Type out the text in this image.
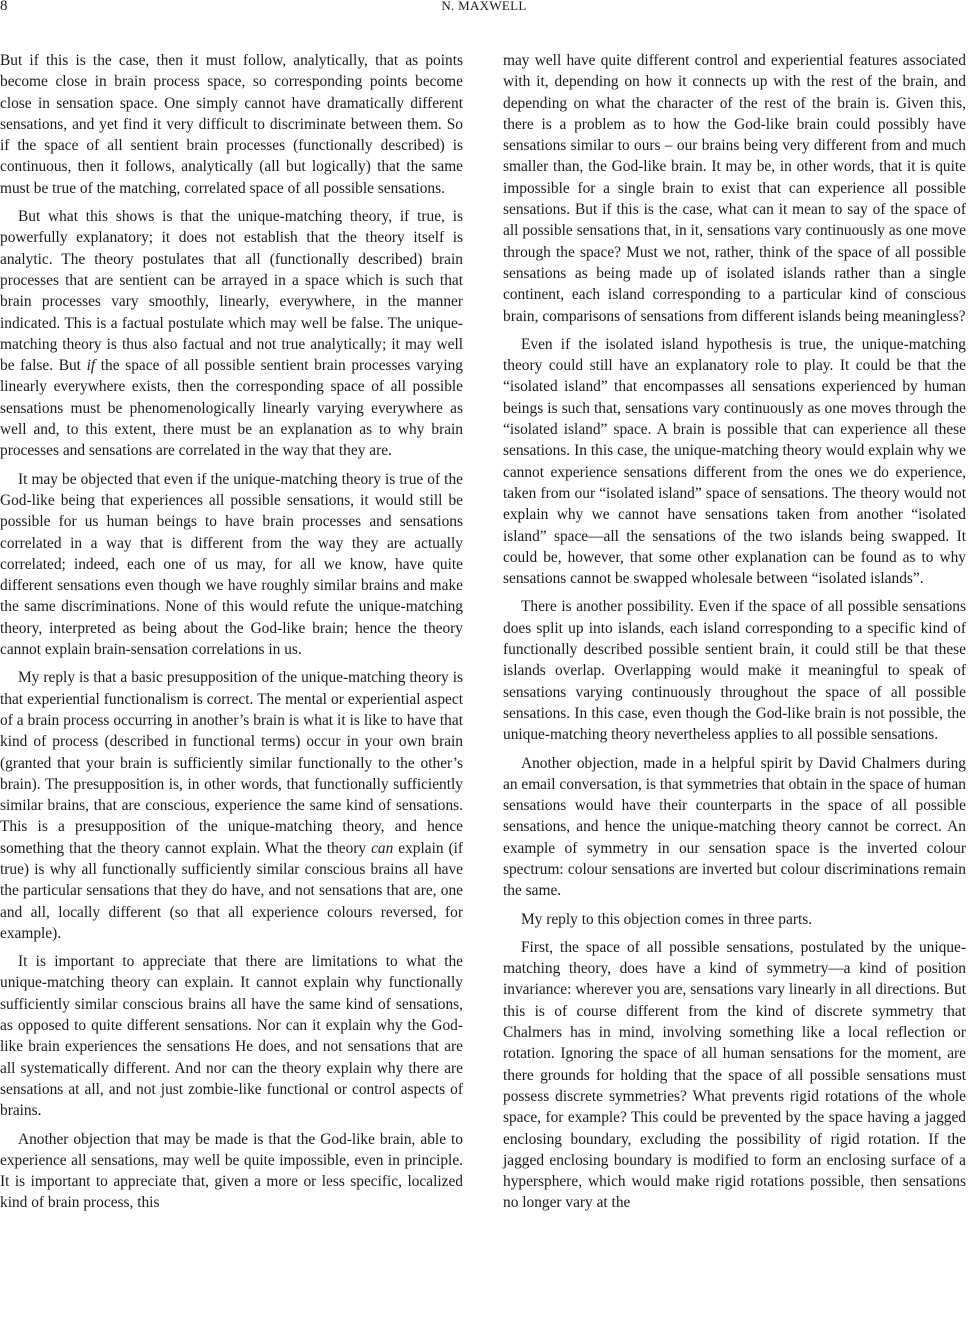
8	N. MAXWELL

But if this is the case, then it must follow, analytically, that as points become close in brain process space, so corresponding points become close in sensation space. One simply cannot have dramatically different sensations, and yet find it very difficult to discriminate between them. So if the space of all sentient brain processes (functionally described) is continuous, then it follows, analytically (all but logically) that the same must be true of the matching, correlated space of all possible sensations.

But what this shows is that the unique-matching theory, if true, is powerfully explanatory; it does not establish that the theory itself is analytic. The theory postulates that all (functionally described) brain processes that are sentient can be arrayed in a space which is such that brain processes vary smoothly, linearly, everywhere, in the manner indicated. This is a factual postulate which may well be false. The unique-matching theory is thus also factual and not true analytically; it may well be false. But if the space of all possible sentient brain processes varying linearly everywhere exists, then the corresponding space of all possible sensations must be phenomenologically linearly varying everywhere as well and, to this extent, there must be an explanation as to why brain processes and sensations are correlated in the way that they are.

It may be objected that even if the unique-matching theory is true of the God-like being that experiences all possible sensations, it would still be possible for us human beings to have brain processes and sensations correlated in a way that is different from the way they are actually correlated; indeed, each one of us may, for all we know, have quite different sensations even though we have roughly similar brains and make the same discriminations. None of this would refute the unique-matching theory, interpreted as being about the God-like brain; hence the theory cannot explain brain-sensation correlations in us.

My reply is that a basic presupposition of the unique-matching theory is that experiential functionalism is correct. The mental or experiential aspect of a brain process occurring in another’s brain is what it is like to have that kind of process (described in functional terms) occur in your own brain (granted that your brain is sufficiently similar functionally to the other’s brain). The presupposition is, in other words, that functionally sufficiently similar brains, that are conscious, experience the same kind of sensations. This is a presupposition of the unique-matching theory, and hence something that the theory cannot explain. What the theory can explain (if true) is why all functionally sufficiently similar conscious brains all have the particular sensations that they do have, and not sensations that are, one and all, locally different (so that all experience colours reversed, for example).

It is important to appreciate that there are limitations to what the unique-matching theory can explain. It cannot explain why functionally sufficiently similar conscious brains all have the same kind of sensations, as opposed to quite different sensations. Nor can it explain why the God-like brain experiences the sensations He does, and not sensations that are all systematically different. And nor can the theory explain why there are sensations at all, and not just zombie-like functional or control aspects of brains.

Another objection that may be made is that the God-like brain, able to experience all sensations, may well be quite impossible, even in principle. It is important to appreciate that, given a more or less specific, localized kind of brain process, this

may well have quite different control and experiential features associated with it, depending on how it connects up with the rest of the brain, and depending on what the character of the rest of the brain is. Given this, there is a problem as to how the God-like brain could possibly have sensations similar to ours – our brains being very different from and much smaller than, the God-like brain. It may be, in other words, that it is quite impossible for a single brain to exist that can experience all possible sensations. But if this is the case, what can it mean to say of the space of all possible sensations that, in it, sensations vary continuously as one move through the space? Must we not, rather, think of the space of all possible sensations as being made up of isolated islands rather than a single continent, each island corresponding to a particular kind of conscious brain, comparisons of sensations from different islands being meaningless?

Even if the isolated island hypothesis is true, the unique-matching theory could still have an explanatory role to play. It could be that the “isolated island” that encompasses all sensations experienced by human beings is such that, sensations vary continuously as one moves through the “isolated island” space. A brain is possible that can experience all these sensations. In this case, the unique-matching theory would explain why we cannot experience sensations different from the ones we do experience, taken from our “isolated island” space of sensations. The theory would not explain why we cannot have sensations taken from another “isolated island” space—all the sensations of the two islands being swapped. It could be, however, that some other explanation can be found as to why sensations cannot be swapped wholesale between “isolated islands”.

There is another possibility. Even if the space of all possible sensations does split up into islands, each island corresponding to a specific kind of functionally described possible sentient brain, it could still be that these islands overlap. Overlapping would make it meaningful to speak of sensations varying continuously throughout the space of all possible sensations. In this case, even though the God-like brain is not possible, the unique-matching theory nevertheless applies to all possible sensations.

Another objection, made in a helpful spirit by David Chalmers during an email conversation, is that symmetries that obtain in the space of human sensations would have their counterparts in the space of all possible sensations, and hence the unique-matching theory cannot be correct. An example of symmetry in our sensation space is the inverted colour spectrum: colour sensations are inverted but colour discriminations remain the same.

My reply to this objection comes in three parts.

First, the space of all possible sensations, postulated by the unique-matching theory, does have a kind of symmetry—a kind of position invariance: wherever you are, sensations vary linearly in all directions. But this is of course different from the kind of discrete symmetry that Chalmers has in mind, involving something like a local reflection or rotation. Ignoring the space of all human sensations for the moment, are there grounds for holding that the space of all possible sensations must possess discrete symmetries? What prevents rigid rotations of the whole space, for example? This could be prevented by the space having a jagged enclosing boundary, excluding the possibility of rigid rotation. If the jagged enclosing boundary is modified to form an enclosing surface of a hypersphere, which would make rigid rotations possible, then sensations no longer vary at the
